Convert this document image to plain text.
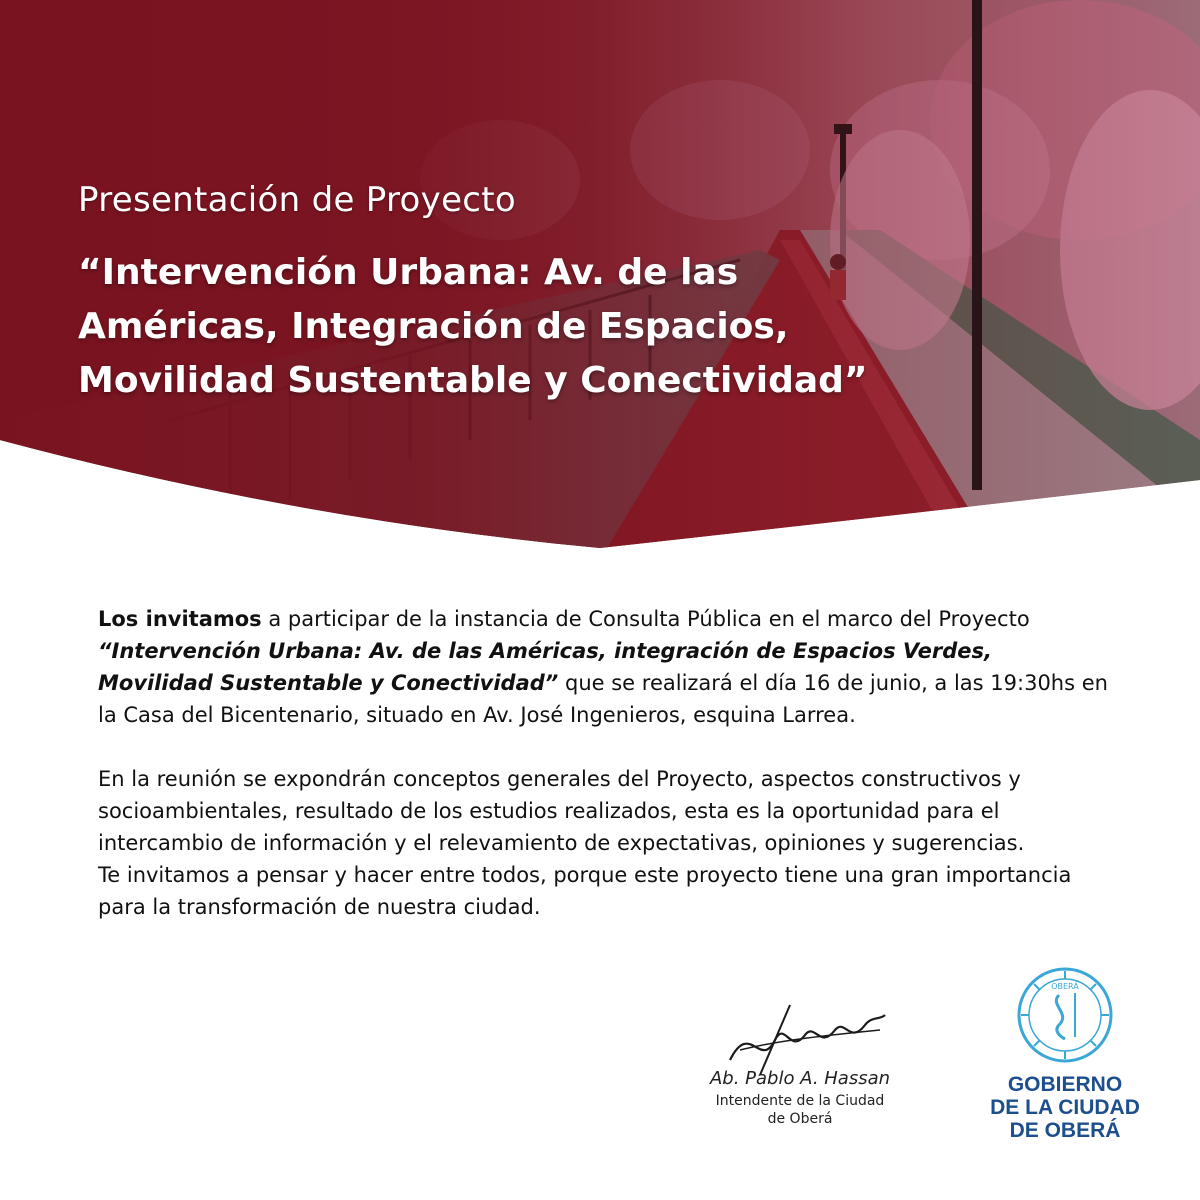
Presentación de Proyecto
“Intervención Urbana: Av. de las
Américas, Integración de Espacios,
Movilidad Sustentable y Conectividad”

Los invitamos a participar de la instancia de Consulta Pública en el marco del Proyecto “Intervención Urbana: Av. de las Américas, integración de Espacios Verdes, Movilidad Sustentable y Conectividad” que se realizará el día 16 de junio, a las 19:30hs en la Casa del Bicentenario, situado en Av. José Ingenieros, esquina Larrea.

En la reunión se expondrán conceptos generales del Proyecto, aspectos constructivos y socioambientales, resultado de los estudios realizados, esta es la oportunidad para el intercambio de información y el relevamiento de expectativas, opiniones y sugerencias.

Te invitamos a pensar y hacer entre todos, porque este proyecto tiene una gran importancia para la transformación de nuestra ciudad.

Ab. Pablo A. Hassan
Intendente de la Ciudad
de Oberá
OBERÁ
GOBIERNO
DE LA CIUDAD
DE OBERÁ
